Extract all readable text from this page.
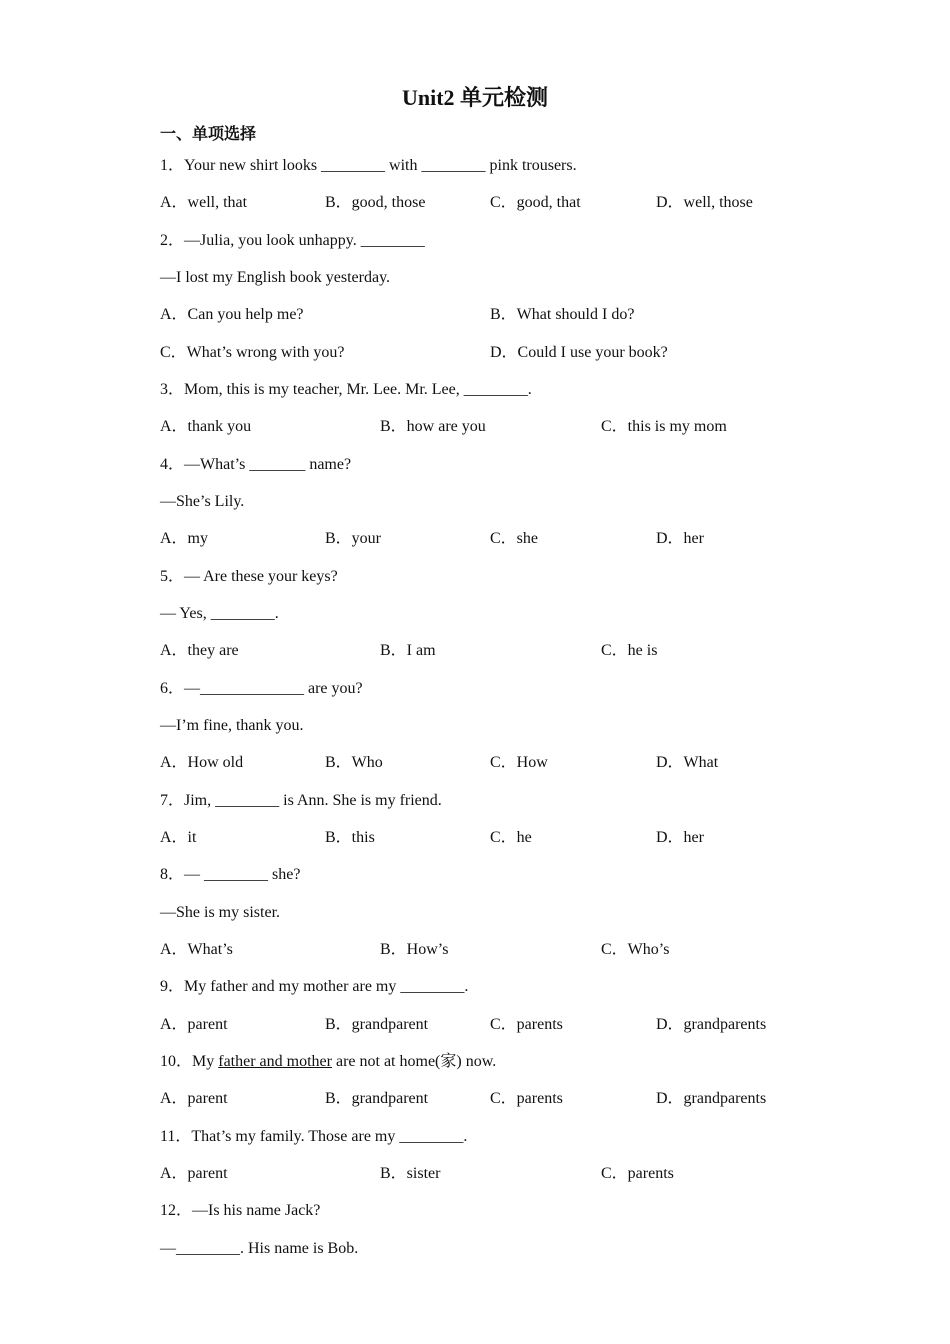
Unit2 单元检测
一、单项选择
1．Your new shirt looks ________ with ________ pink trousers.
A．well, that	B．good, those	C．good, that	D．well, those
2．—Julia, you look unhappy. ________
—I lost my English book yesterday.
A．Can you help me?	B．What should I do?
C．What’s wrong with you?	D．Could I use your book?
3．Mom, this is my teacher, Mr. Lee. Mr. Lee, ________.
A．thank you	B．how are you	C．this is my mom
4．—What’s _______ name?
—She’s Lily.
A．my	B．your	C．she	D．her
5．— Are these your keys?
— Yes, ________.
A．they are	B．I am	C．he is
6．—_____________ are you?
—I’m fine, thank you.
A．How old	B．Who	C．How	D．What
7．Jim, ________ is Ann. She is my friend.
A．it	B．this	C．he	D．her
8．— ________ she?
—She is my sister.
A．What’s	B．How’s	C．Who’s
9．My father and my mother are my ________.
A．parent	B．grandparent	C．parents	D．grandparents
10．My father and mother are not at home(家) now.
A．parent	B．grandparent	C．parents	D．grandparents
11．That’s my family. Those are my ________.
A．parent	B．sister	C．parents
12．—Is his name Jack?
—________. His name is Bob.
